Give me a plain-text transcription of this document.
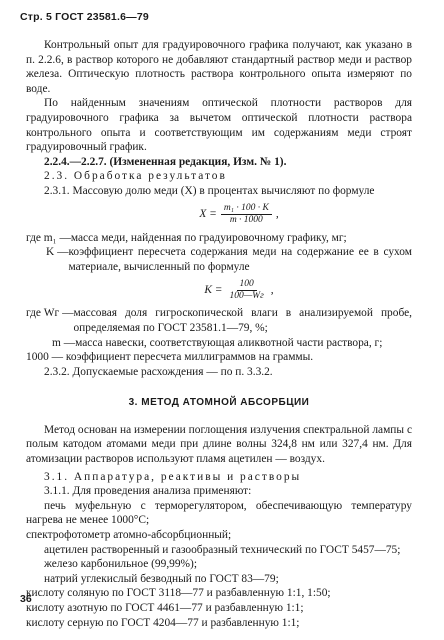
Стр. 5 ГОСТ 23581.6—79

Контрольный опыт для градуировочного графика получают, как указано в п. 2.2.6, в раствор которого не добавляют стандартный раствор меди и раствор железа. Оптическую плотность раствора контрольного опыта измеряют по воде.

По найденным значениям оптической плотности растворов для градуировочного графика за вычетом оптической плотности раствора контрольного опыта и соответствующим им содержаниям меди строят градуировочный график.

2.2.4.—2.2.7. (Измененная редакция, Изм. № 1).

2.3. Обработка результатов

2.3.1. Массовую долю меди (X) в процентах вычисляют по формуле

$X = \frac{\text{m₁ · 100 · K}}{m \cdot 1000}$ ,
где m₁ — масса меди, найденная по градуировочному графику, мг;
K — коэффициент пересчета содержания меди на содержание ее в сухом материале, вычисленный по формуле
$K = \frac{100}{100—Wг}$ ,
где Wг — массовая доля гигроскопической влаги в анализируемой пробе, определяемая по ГОСТ 23581.1—79, %;
m — масса навески, соответствующая аликвотной части раствора, г;

1000 — коэффициент пересчета миллиграммов на граммы.

2.3.2. Допускаемые расхождения — по п. 3.3.2.

3. МЕТОД АТОМНОЙ АБСОРБЦИИ

Метод основан на измерении поглощения излучения спектральной лампы с полым катодом атомами меди при длине волны 324,8 нм или 327,4 нм. Для атомизации растворов используют пламя ацетилен — воздух.

3.1. Аппаратура, реактивы и растворы

3.1.1. Для проведения анализа применяют:

печь муфельную с терморегулятором, обеспечивающую температуру нагрева не менее 1000°С;

спектрофотометр атомно-абсорбционный;

ацетилен растворенный и газообразный технический по ГОСТ 5457—75;

железо карбонильное (99,99%);

натрий углекислый безводный по ГОСТ 83—79;

кислоту соляную по ГОСТ 3118—77 и разбавленную 1:1, 1:50;

кислоту азотную по ГОСТ 4461—77 и разбавленную 1:1;

кислоту серную по ГОСТ 4204—77 и разбавленную 1:1;

36
